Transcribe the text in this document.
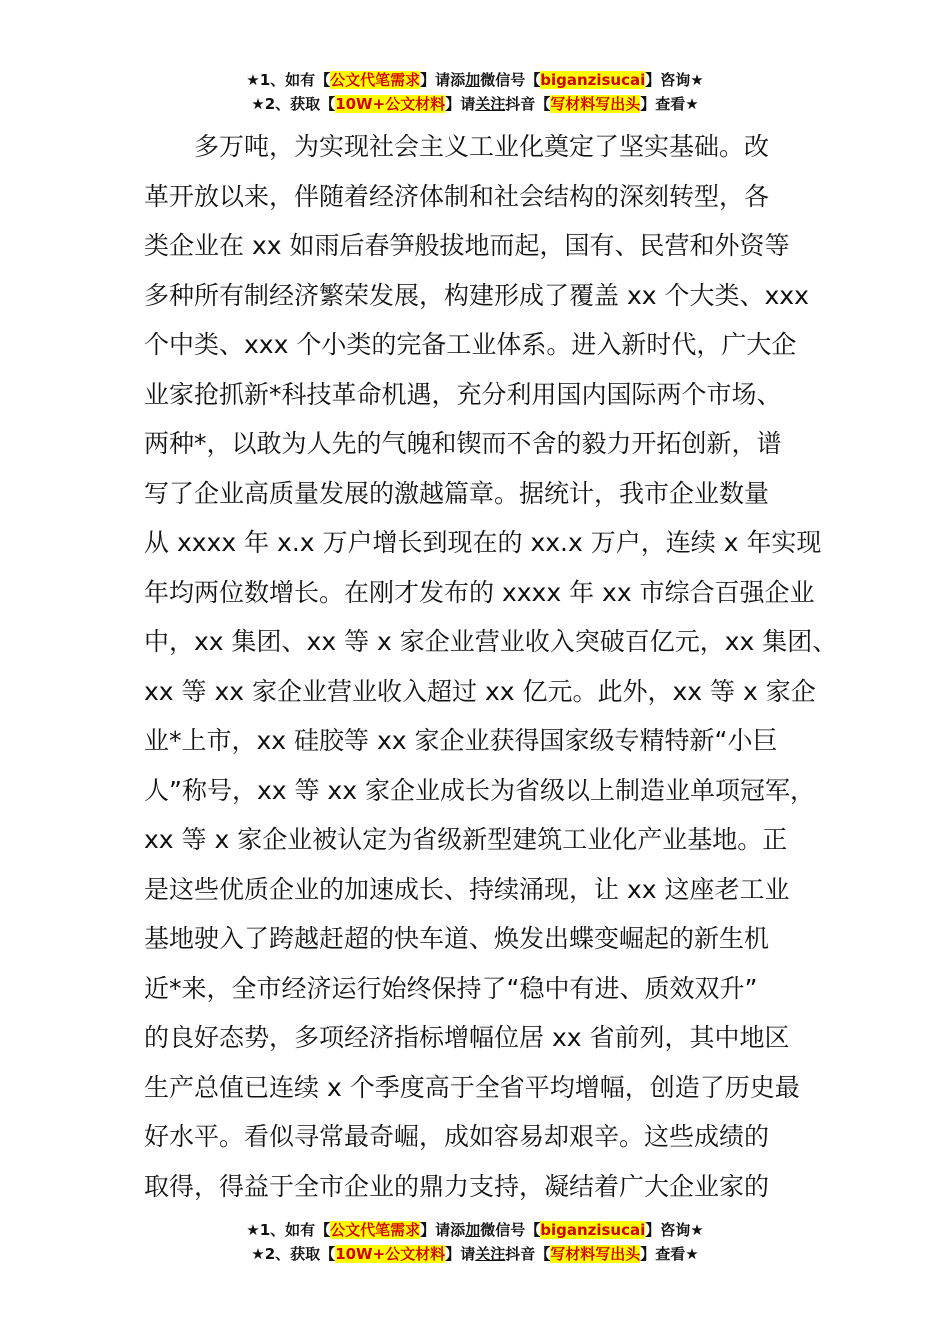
★1、如有【公文代笔需求】请添加微信号【biganzisucai】咨询★
★2、获取【10W+公文材料】请关注抖音【写材料写出头】查看★
多万吨，为实现社会主义工业化奠定了坚实基础。改
革开放以来，伴随着经济体制和社会结构的深刻转型，各
类企业在 xx 如雨后春笋般拔地而起，国有、民营和外资等
多种所有制经济繁荣发展，构建形成了覆盖 xx 个大类、xxx
个中类、xxx 个小类的完备工业体系。进入新时代，广大企
业家抢抓新*科技革命机遇，充分利用国内国际两个市场、
两种*，以敢为人先的气魄和锲而不舍的毅力开拓创新，谱
写了企业高质量发展的激越篇章。据统计，我市企业数量
从 xxxx 年 x.x 万户增长到现在的 xx.x 万户，连续 x 年实现
年均两位数增长。在刚才发布的 xxxx 年 xx 市综合百强企业
中，xx 集团、xx 等 x 家企业营业收入突破百亿元，xx 集团、
xx 等 xx 家企业营业收入超过 xx 亿元。此外，xx 等 x 家企
业*上市，xx 硅胶等 xx 家企业获得国家级专精特新“小巨
人”称号，xx 等 xx 家企业成长为省级以上制造业单项冠军，
xx 等 x 家企业被认定为省级新型建筑工业化产业基地。正
是这些优质企业的加速成长、持续涌现，让 xx 这座老工业
基地驶入了跨越赶超的快车道、焕发出蝶变崛起的新生机
近*来，全市经济运行始终保持了“稳中有进、质效双升”
的良好态势，多项经济指标增幅位居 xx 省前列，其中地区
生产总值已连续 x 个季度高于全省平均增幅，创造了历史最
好水平。看似寻常最奇崛，成如容易却艰辛。这些成绩的
取得，得益于全市企业的鼎力支持，凝结着广大企业家的
★1、如有【公文代笔需求】请添加微信号【biganzisucai】咨询★
★2、获取【10W+公文材料】请关注抖音【写材料写出头】查看★
